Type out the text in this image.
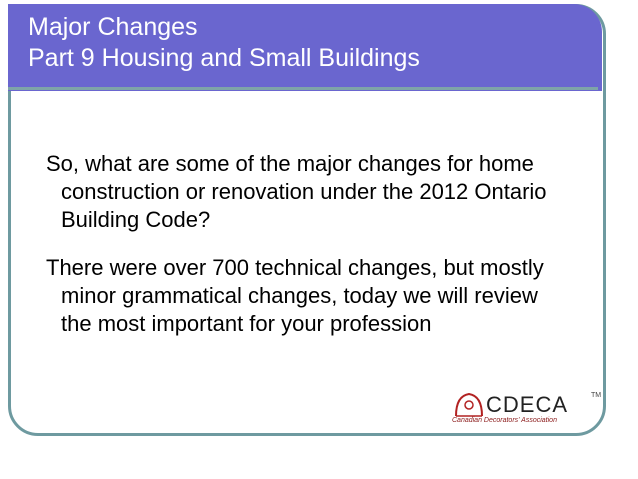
Major Changes
Part 9 Housing and Small Buildings

So, what are some of the major changes for home construction or renovation under the 2012 Ontario Building Code?

There were over 700 technical changes, but mostly minor grammatical changes, today we will review the most important for your profession

CDECA	TM
Canadian Decorators' Association
